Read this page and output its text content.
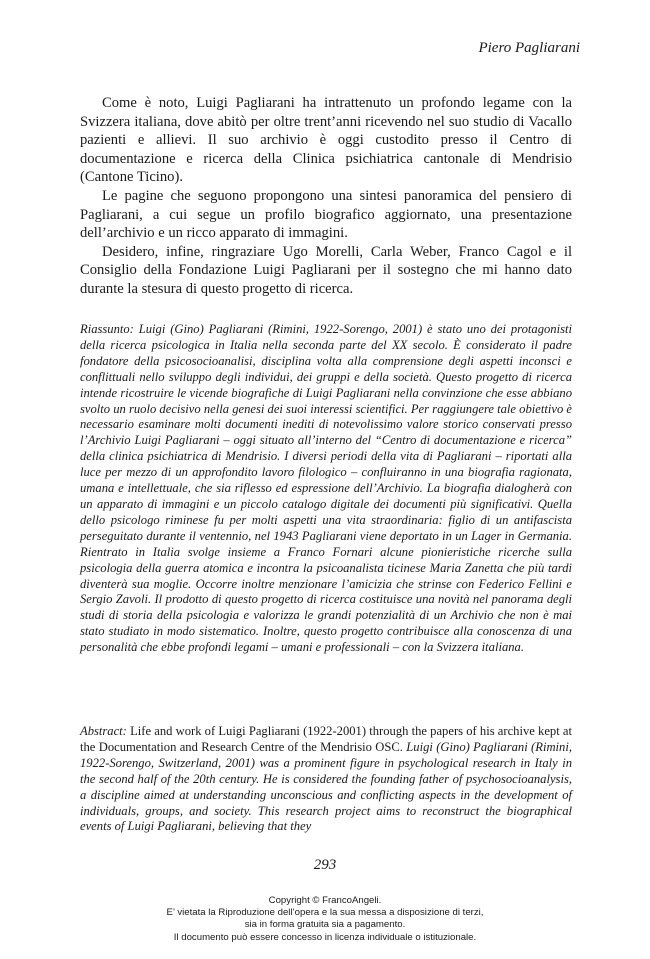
Piero Pagliarani

Come è noto, Luigi Pagliarani ha intrattenuto un profondo legame con la Svizzera italiana, dove abitò per oltre trent’anni ricevendo nel suo studio di Vacallo pazienti e allievi. Il suo archivio è oggi custodito presso il Centro di documentazione e ricerca della Clinica psichiatrica cantonale di Mendrisio (Cantone Ticino).

Le pagine che seguono propongono una sintesi panoramica del pensiero di Pagliarani, a cui segue un profilo biografico aggiornato, una presentazione dell’archivio e un ricco apparato di immagini.

Desidero, infine, ringraziare Ugo Morelli, Carla Weber, Franco Cagol e il Consiglio della Fondazione Luigi Pagliarani per il sostegno che mi hanno dato durante la stesura di questo progetto di ricerca.

Riassunto: Luigi (Gino) Pagliarani (Rimini, 1922-Sorengo, 2001) è stato uno dei protagonisti della ricerca psicologica in Italia nella seconda parte del XX secolo. È considerato il padre fondatore della psicosocioanalisi, disciplina volta alla comprensione degli aspetti inconsci e conflittuali nello sviluppo degli individui, dei gruppi e della società. Questo progetto di ricerca intende ricostruire le vicende biografiche di Luigi Pagliarani nella convinzione che esse abbiano svolto un ruolo decisivo nella genesi dei suoi interessi scientifici. Per raggiungere tale obiettivo è necessario esaminare molti documenti inediti di notevolissimo valore storico conservati presso l’Archivio Luigi Pagliarani – oggi situato all’interno del “Centro di documentazione e ricerca” della clinica psichiatrica di Mendrisio. I diversi periodi della vita di Pagliarani – riportati alla luce per mezzo di un approfondito lavoro filologico – confluiranno in una biografia ragionata, umana e intellettuale, che sia riflesso ed espressione dell’Archivio. La biografia dialogherà con un apparato di immagini e un piccolo catalogo digitale dei documenti più significativi. Quella dello psicologo riminese fu per molti aspetti una vita straordinaria: figlio di un antifascista perseguitato durante il ventennio, nel 1943 Pagliarani viene deportato in un Lager in Germania. Rientrato in Italia svolge insieme a Franco Fornari alcune pionieristiche ricerche sulla psicologia della guerra atomica e incontra la psicoanalista ticinese Maria Zanetta che più tardi diventerà sua moglie. Occorre inoltre menzionare l’amicizia che strinse con Federico Fellini e Sergio Zavoli. Il prodotto di questo progetto di ricerca costituisce una novità nel panorama degli studi di storia della psicologia e valorizza le grandi potenzialità di un Archivio che non è mai stato studiato in modo sistematico. Inoltre, questo progetto contribuisce alla conoscenza di una personalità che ebbe profondi legami – umani e professionali – con la Svizzera italiana.

Abstract: Life and work of Luigi Pagliarani (1922-2001) through the papers of his archive kept at the Documentation and Research Centre of the Mendrisio OSC. Luigi (Gino) Pagliarani (Rimini, 1922-Sorengo, Switzerland, 2001) was a prominent figure in psychological research in Italy in the second half of the 20th century. He is considered the founding father of psychosocioanalysis, a discipline aimed at understanding unconscious and conflicting aspects in the development of individuals, groups, and society. This research project aims to reconstruct the biographical events of Luigi Pagliarani, believing that they

293
Copyright © FrancoAngeli.
E’ vietata la Riproduzione dell’opera e la sua messa a disposizione di terzi,
sia in forma gratuita sia a pagamento.
Il documento può essere concesso in licenza individuale o istituzionale.
